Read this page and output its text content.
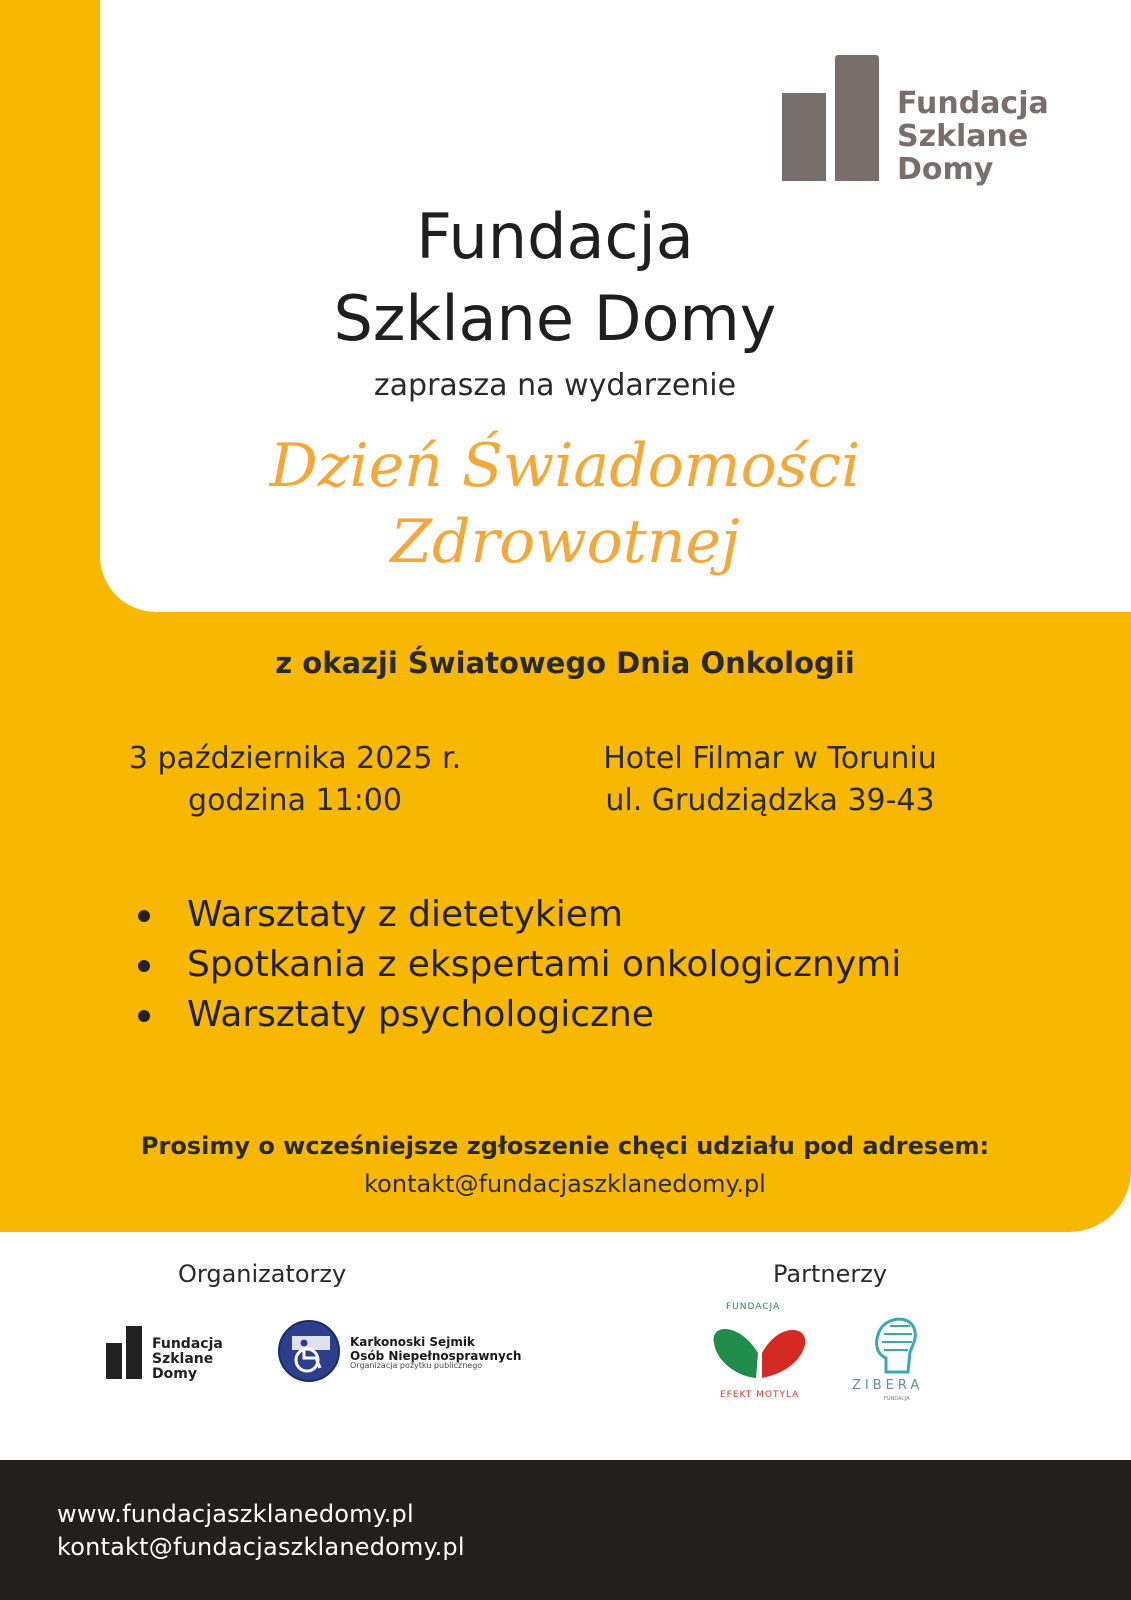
Fundacja
Szklane
Domy
Fundacja
Szklane Domy
zaprasza na wydarzenie
Dzień Świadomości
Zdrowotnej
z okazji Światowego Dnia Onkologii
3 października 2025 r.
godzina 11:00
Hotel Filmar w Toruniu
ul. Grudziądzka 39-43
Warsztaty z dietetykiem
Spotkania z ekspertami onkologicznymi
Warsztaty psychologiczne
Prosimy o wcześniejsze zgłoszenie chęci udziału pod adresem:
kontakt@fundacjaszklanedomy.pl
Organizatorzy	Partnerzy
Fundacja
Szklane
Domy
Karkonoski Sejmik
Osób Niepełnosprawnych
Organizacja pożytku publicznego
FUNDACJA
EFEKT MOTYLA
ZIBERA
FUNDACJA
www.fundacjaszklanedomy.pl
kontakt@fundacjaszklanedomy.pl
